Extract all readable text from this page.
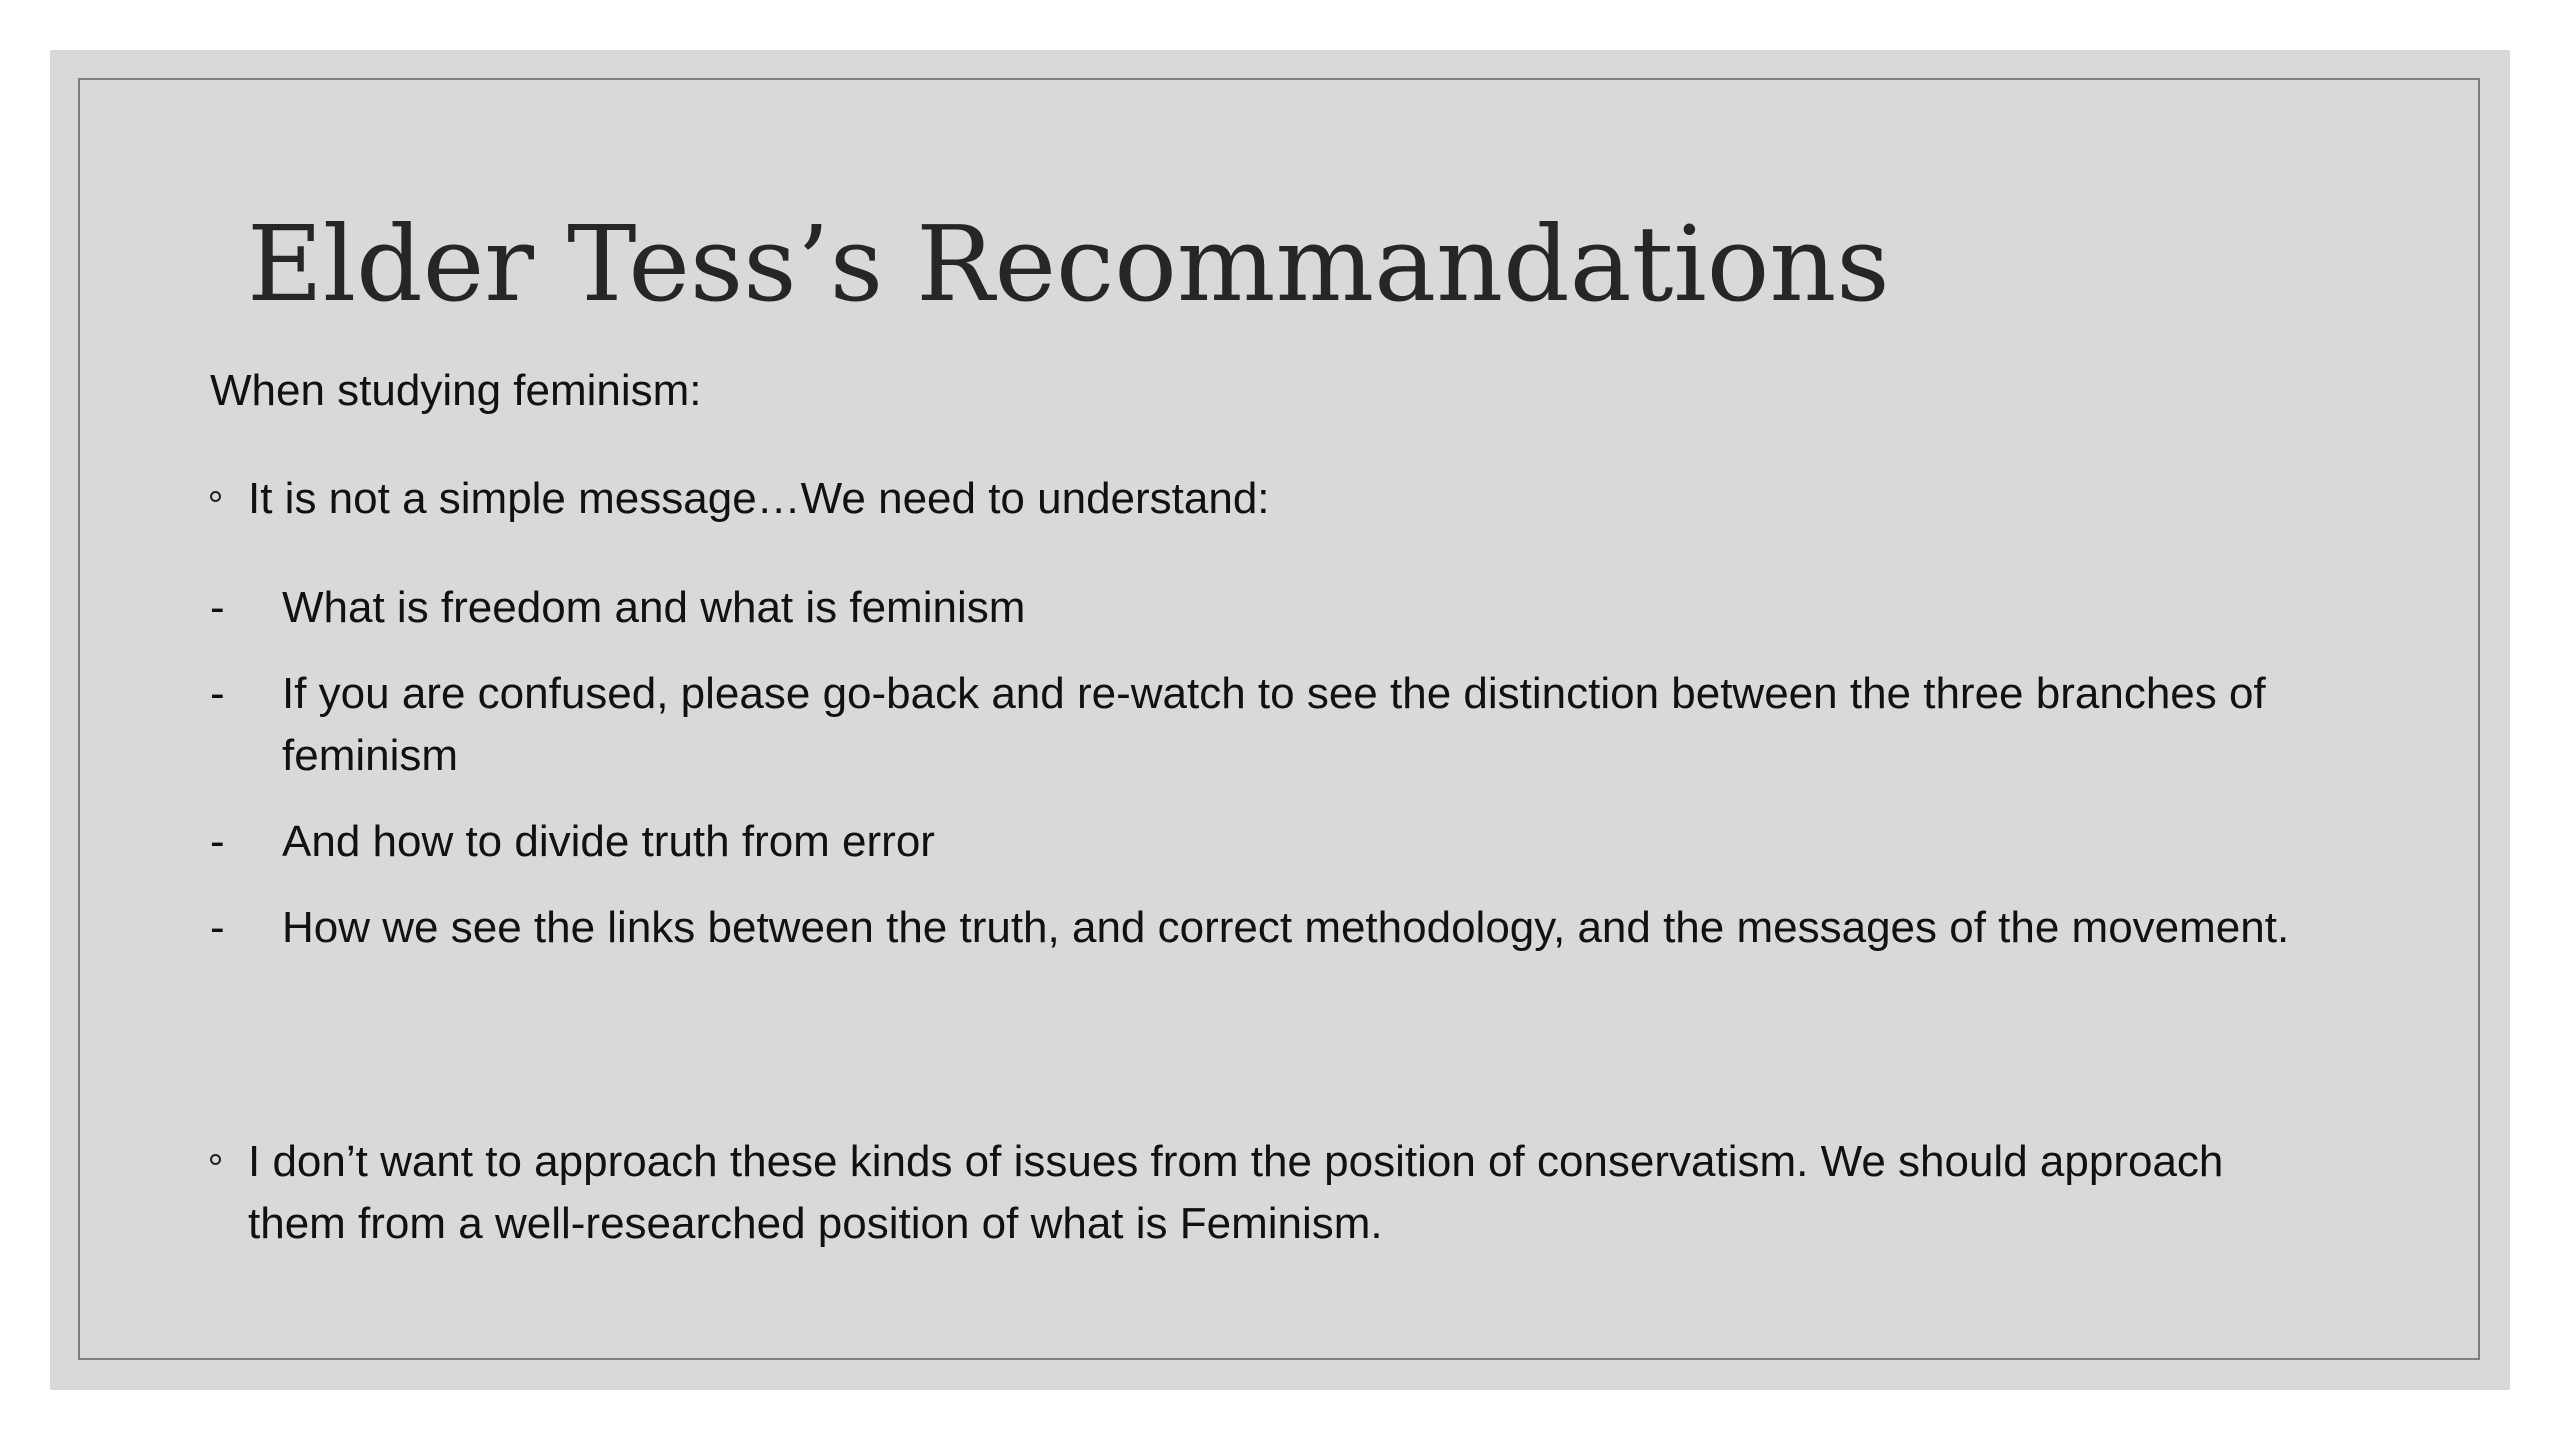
Elder Tess’s Recommandations
When studying feminism:
It is not a simple message…We need to understand:
-	What is freedom and what is feminism
-	If you are confused, please go-back and re-watch to see the distinction between the three branches of feminism
-	And how to divide truth from error
-	How we see the links between the truth, and correct methodology, and the messages of the movement.
I don’t want to approach these kinds of issues from the position of conservatism. We should approach them from a well-researched position of what is Feminism.
